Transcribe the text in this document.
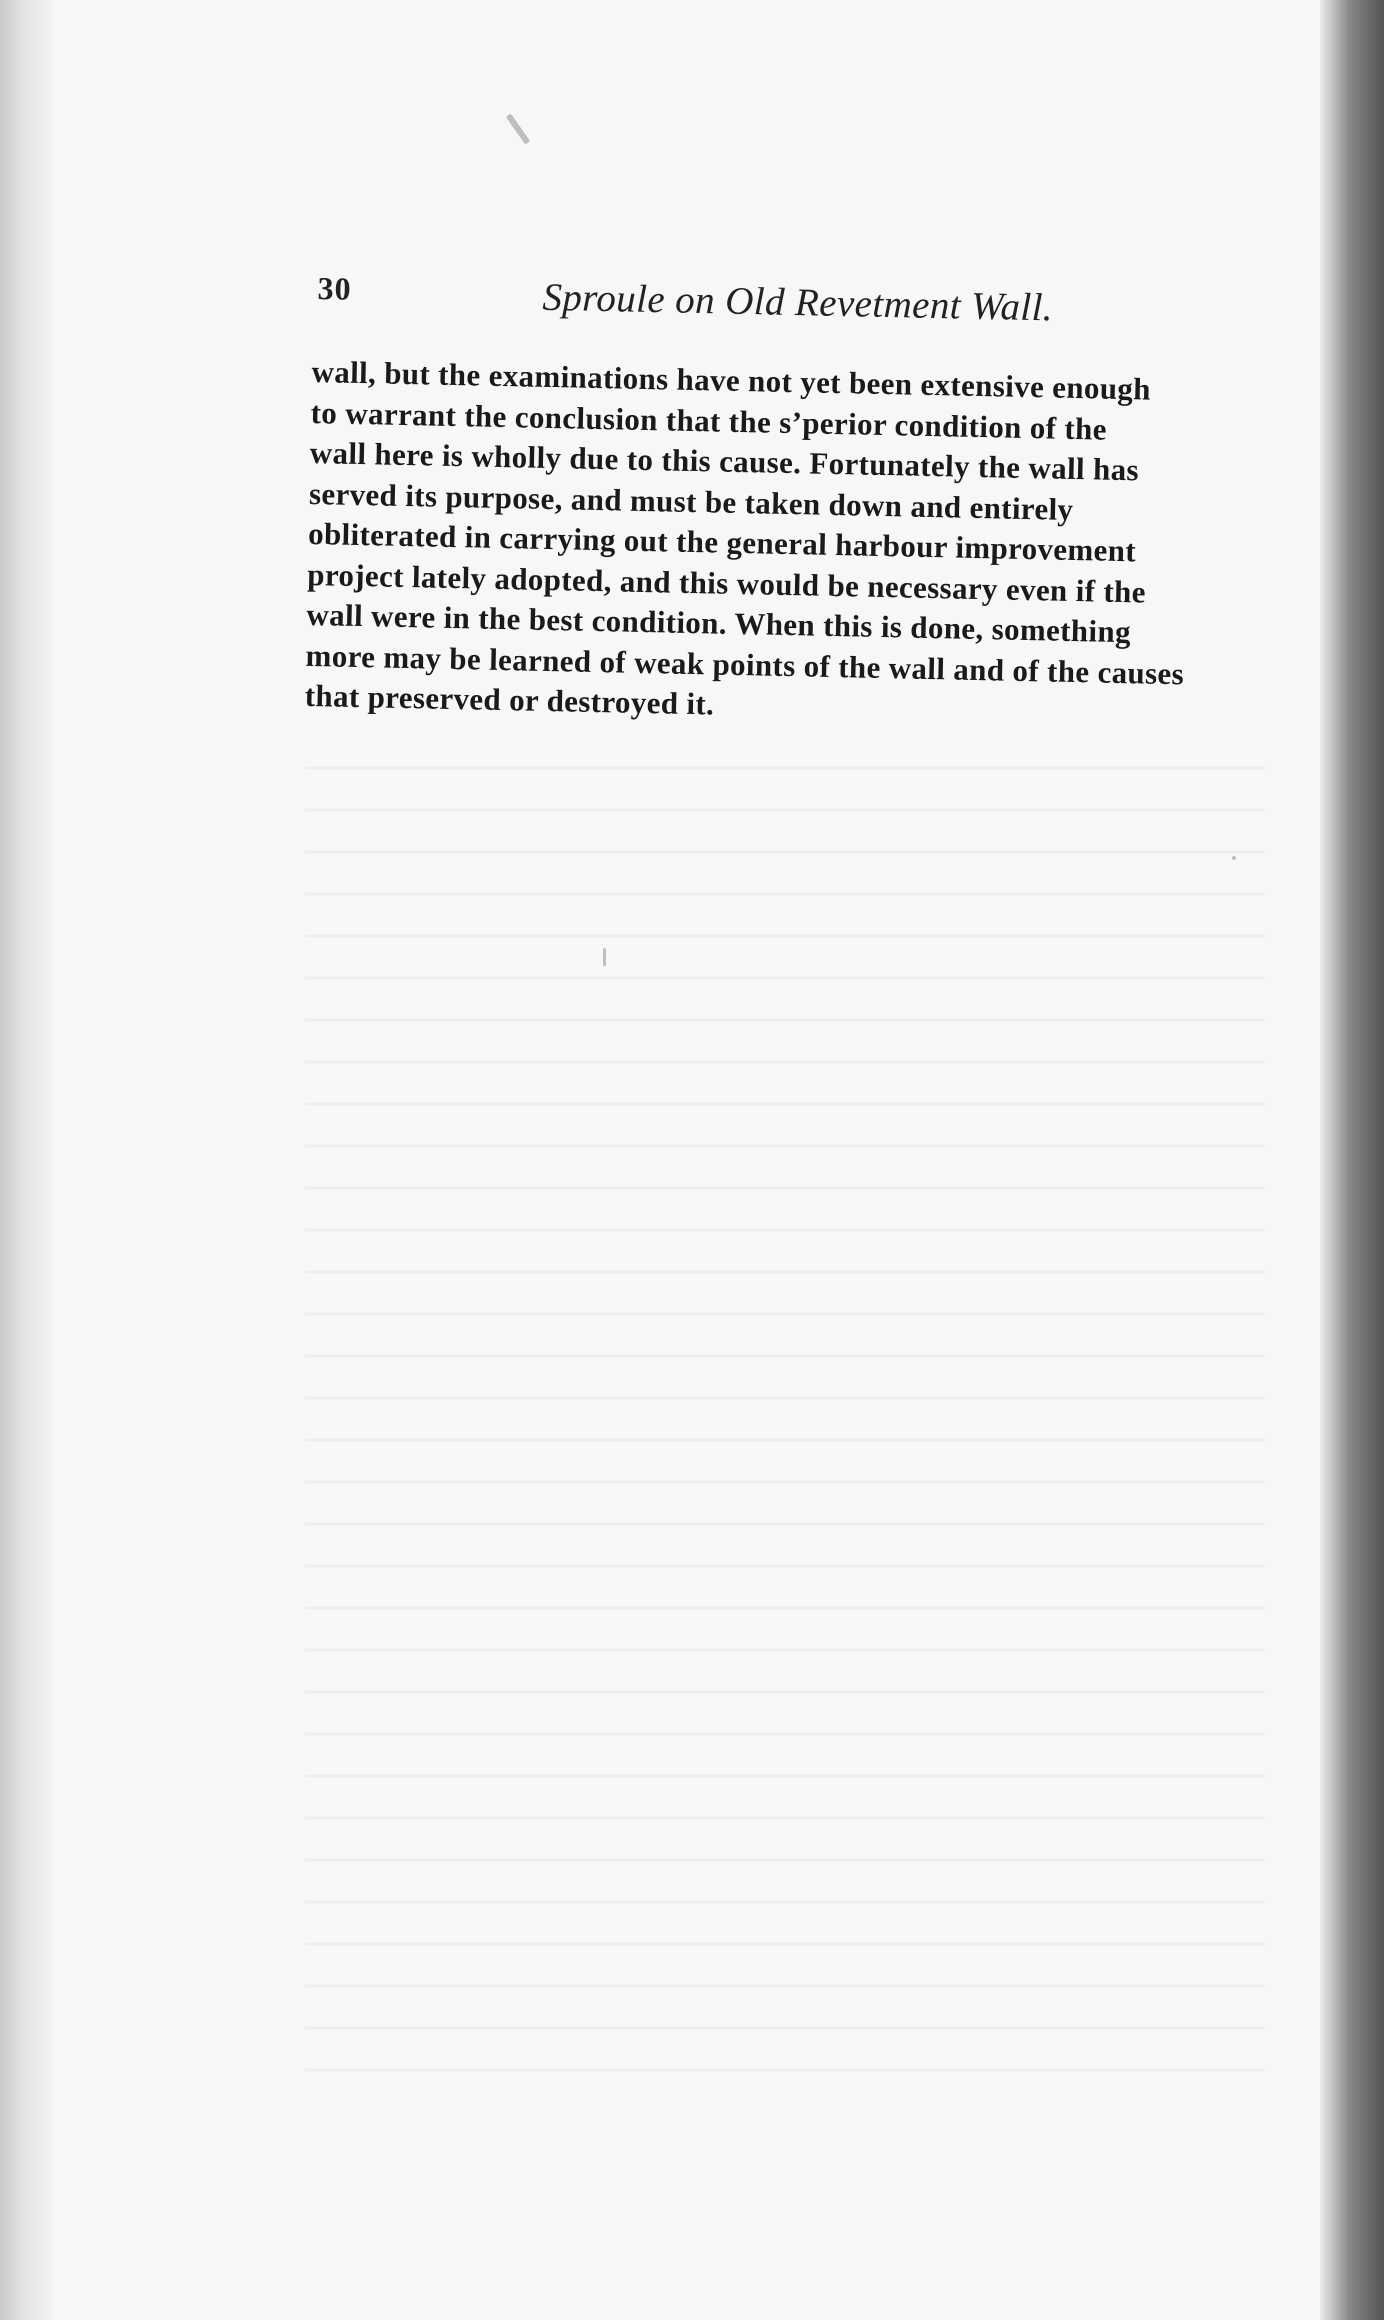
30	Sproule on Old Revetment Wall.
wall, but the examinations have not yet been extensive enough
to warrant the conclusion that the s’perior condition of the
wall here is wholly due to this cause. Fortunately the wall has
served its purpose, and must be taken down and entirely
obliterated in carrying out the general harbour improvement
project lately adopted, and this would be necessary even if the
wall were in the best condition. When this is done, something
more may be learned of weak points of the wall and of the causes
that preserved or destroyed it.
